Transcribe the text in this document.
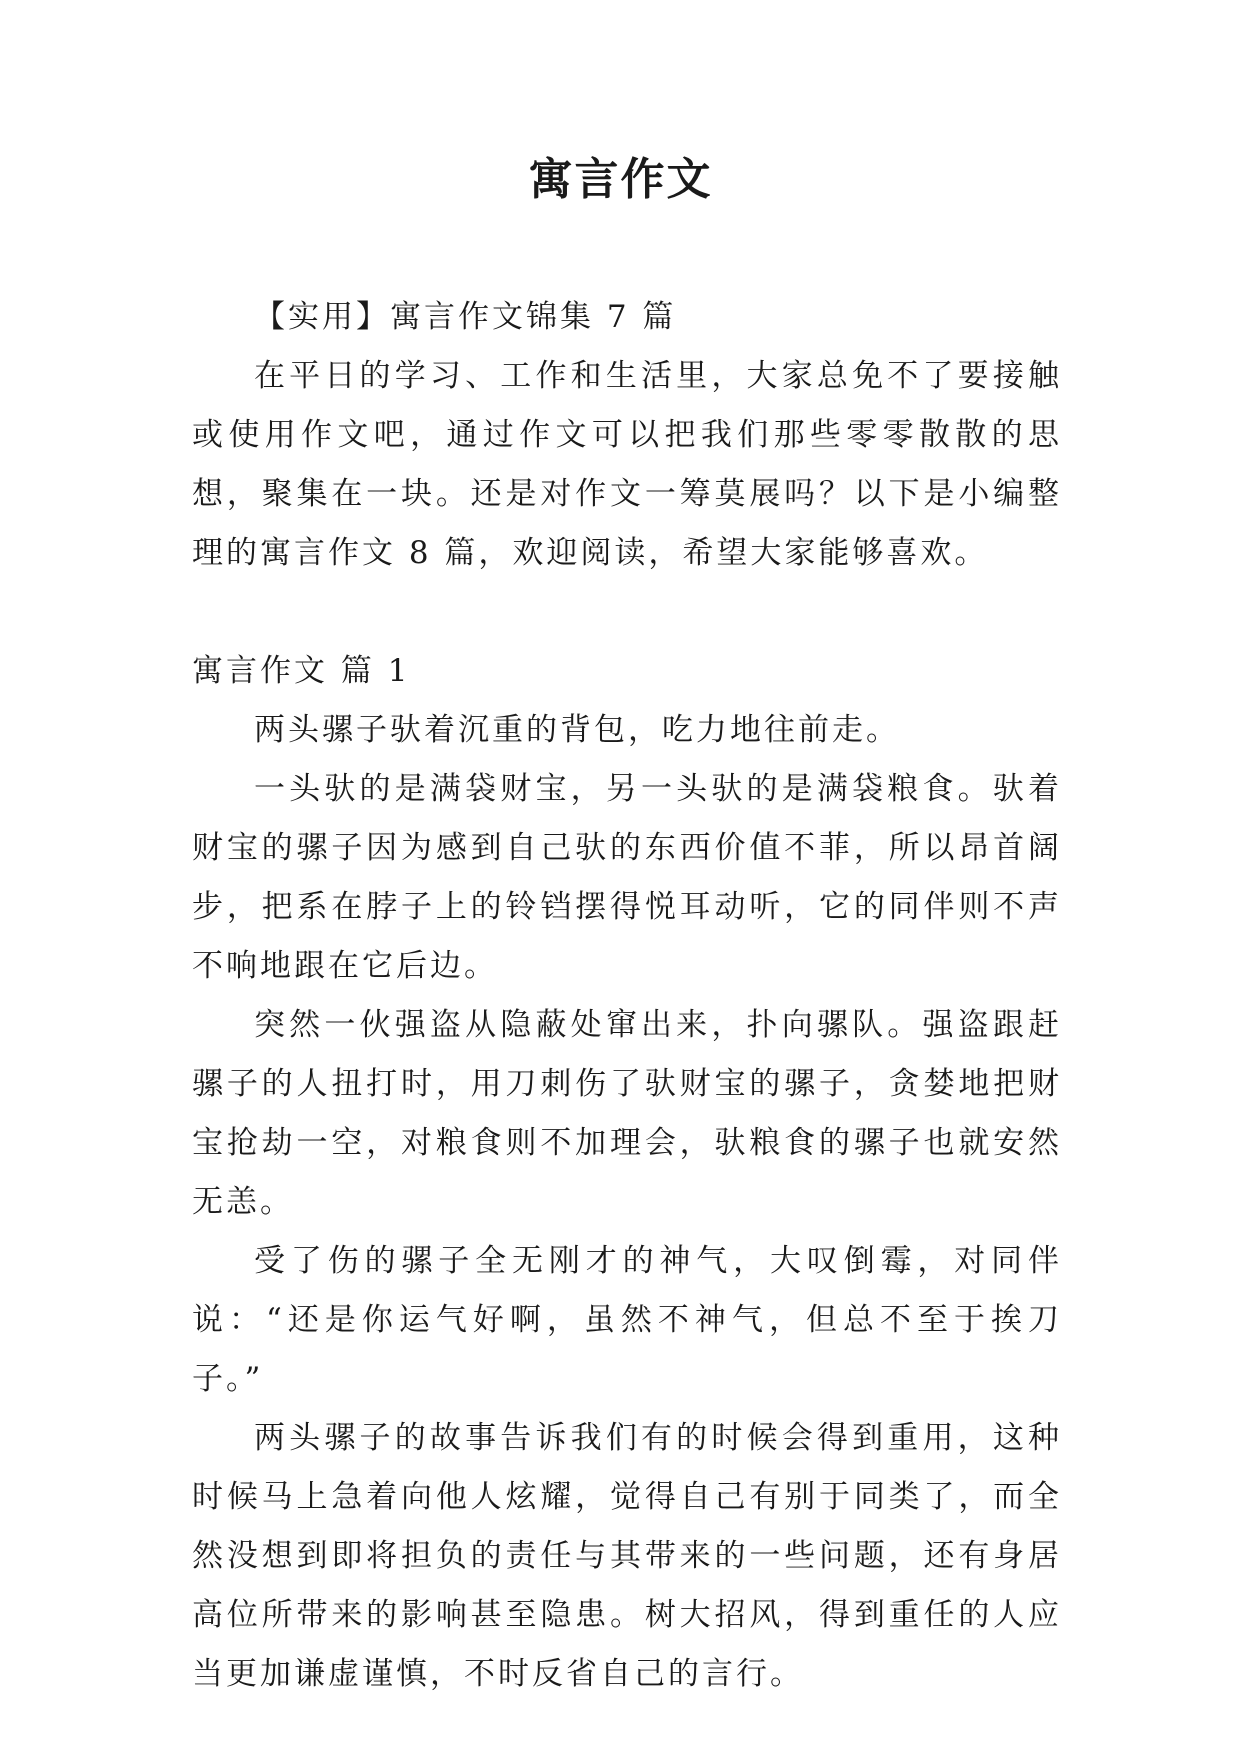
寓言作文

【实用】寓言作文锦集 7 篇

在平日的学习、工作和生活里，大家总免不了要接触或使用作文吧，通过作文可以把我们那些零零散散的思想，聚集在一块。还是对作文一筹莫展吗？以下是小编整理的寓言作文 8 篇，欢迎阅读，希望大家能够喜欢。

寓言作文 篇 1

两头骡子驮着沉重的背包，吃力地往前走。

一头驮的是满袋财宝，另一头驮的是满袋粮食。驮着财宝的骡子因为感到自己驮的东西价值不菲，所以昂首阔步，把系在脖子上的铃铛摆得悦耳动听，它的同伴则不声不响地跟在它后边。

突然一伙强盗从隐蔽处窜出来，扑向骡队。强盗跟赶骡子的人扭打时，用刀刺伤了驮财宝的骡子，贪婪地把财宝抢劫一空，对粮食则不加理会，驮粮食的骡子也就安然无恙。

受了伤的骡子全无刚才的神气，大叹倒霉，对同伴说：“还是你运气好啊，虽然不神气，但总不至于挨刀子。”

两头骡子的故事告诉我们有的时候会得到重用，这种时候马上急着向他人炫耀，觉得自己有别于同类了，而全然没想到即将担负的责任与其带来的一些问题，还有身居高位所带来的影响甚至隐患。树大招风，得到重任的人应当更加谦虚谨慎，不时反省自己的言行。
